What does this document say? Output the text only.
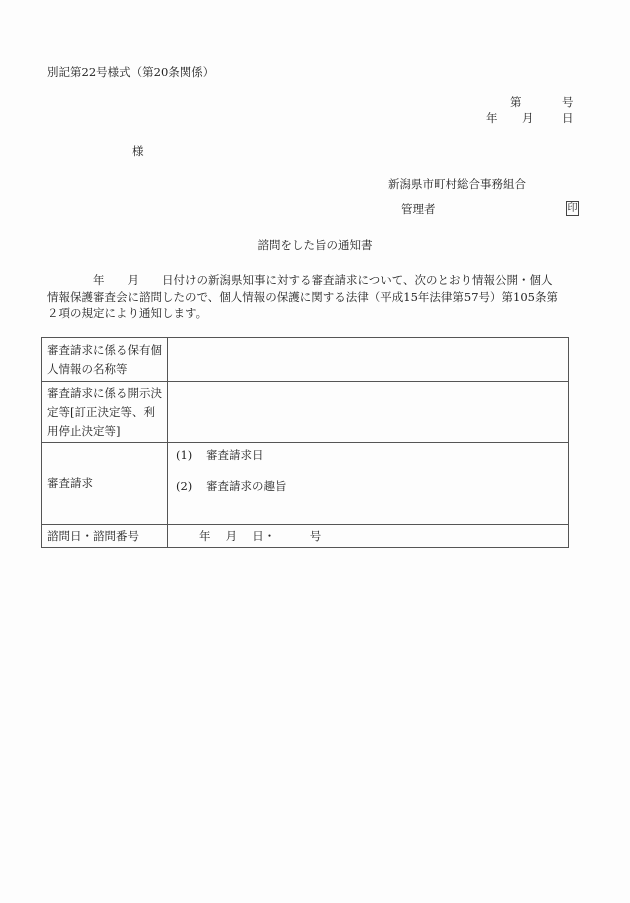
別記第22号様式（第20条関係）
第	号
年 月 日
様
新潟県市町村総合事務組合
管理者	印
諮問をした旨の通知書
　　　　年　　月　　日付けの新潟県知事に対する審査請求について、次のとおり情報公開・個人
情報保護審査会に諮問したので、個人情報の保護に関する法律（平成15年法律第57号）第105条第
２項の規定により通知します。
審査請求に係る保有個人情報の名称等	
審査請求に係る開示決定等[訂正決定等、利用停止決定等]	
審査請求	(1) 審査請求日
(2) 審査請求の趣旨

諮問日・諮問番号	年　 月　 日・　　　号
